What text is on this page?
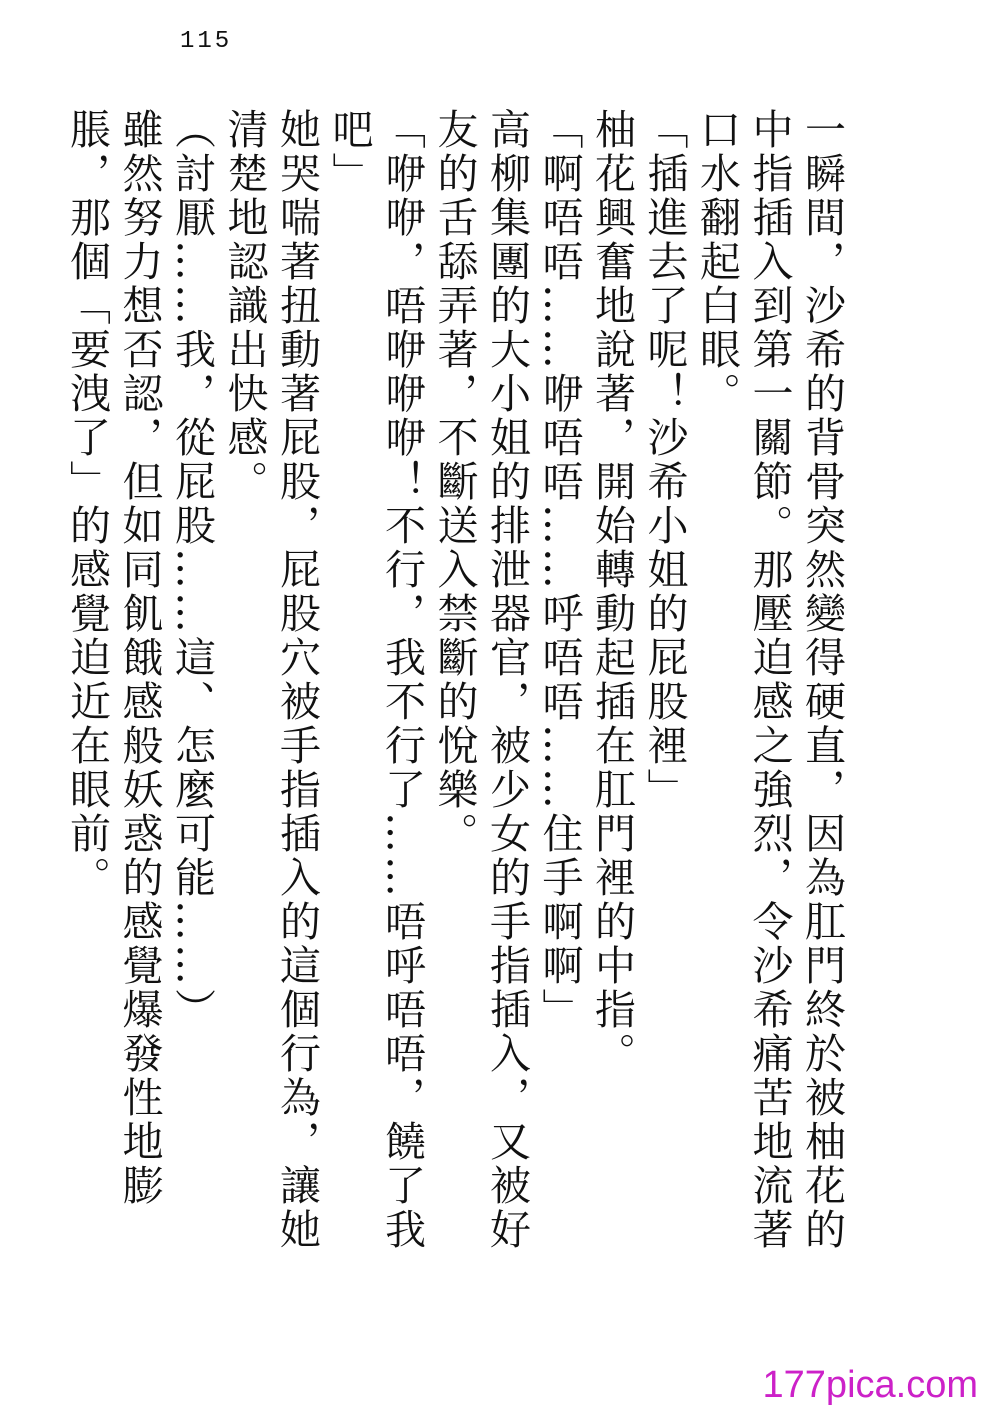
115

一瞬間，沙希的背骨突然變得硬直，因為肛門終於被柚花的中指插入到第一關節。那壓迫感之強烈，令沙希痛苦地流著口水翻起白眼。

「插進去了呢！沙希小姐的屁股裡」

柚花興奮地說著，開始轉動起插在肛門裡的中指。

「啊唔唔……咿唔唔……呼唔唔……住手啊啊」

高柳集團的大小姐的排泄器官，被少女的手指插入，又被好友的舌舔弄著，不斷送入禁斷的悅樂。

「咿咿，唔咿咿咿！不行，我不行了……唔呼唔唔，饒了我吧」

她哭喘著扭動著屁股，屁股穴被手指插入的這個行為，讓她清楚地認識出快感。

（討厭……我，從屁股……這、怎麼可能……）

雖然努力想否認，但如同飢餓感般妖惑的感覺爆發性地膨脹，那個「要洩了」的感覺迫近在眼前。

177pica.com
